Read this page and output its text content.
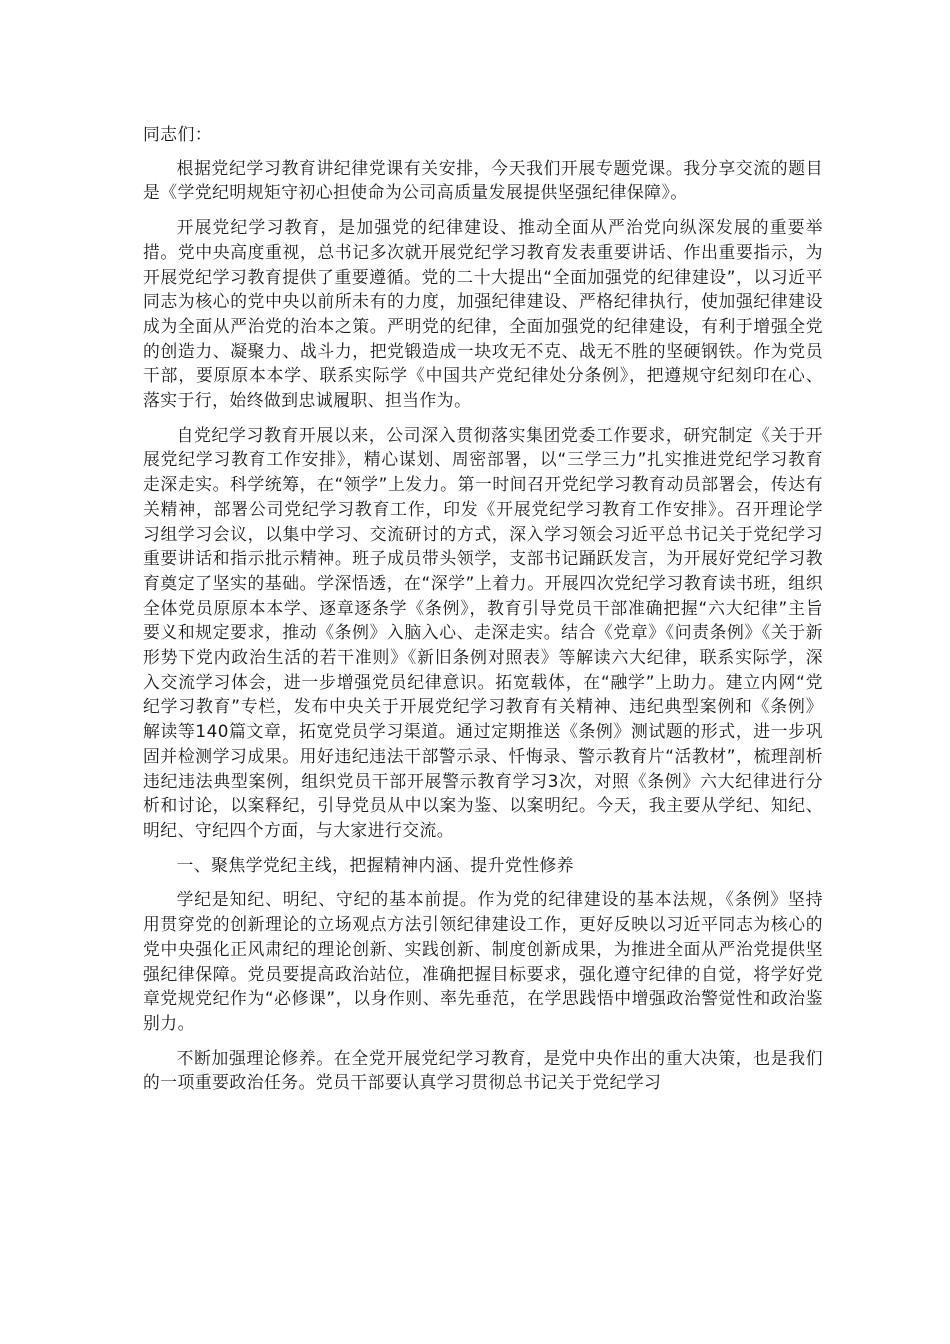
同志们：

根据党纪学习教育讲纪律党课有关安排，今天我们开展专题党课。我分享交流的题目是《学党纪明规矩守初心担使命为公司高质量发展提供坚强纪律保障》。

开展党纪学习教育，是加强党的纪律建设、推动全面从严治党向纵深发展的重要举措。党中央高度重视，总书记多次就开展党纪学习教育发表重要讲话、作出重要指示，为开展党纪学习教育提供了重要遵循。党的二十大提出“全面加强党的纪律建设”，以习近平同志为核心的党中央以前所未有的力度，加强纪律建设、严格纪律执行，使加强纪律建设成为全面从严治党的治本之策。严明党的纪律，全面加强党的纪律建设，有利于增强全党的创造力、凝聚力、战斗力，把党锻造成一块攻无不克、战无不胜的坚硬钢铁。作为党员干部，要原原本本学、联系实际学《中国共产党纪律处分条例》，把遵规守纪刻印在心、落实于行，始终做到忠诚履职、担当作为。

自党纪学习教育开展以来，公司深入贯彻落实集团党委工作要求，研究制定《关于开展党纪学习教育工作安排》，精心谋划、周密部署，以“三学三力”扎实推进党纪学习教育走深走实。科学统筹，在“领学”上发力。第一时间召开党纪学习教育动员部署会，传达有关精神，部署公司党纪学习教育工作，印发《开展党纪学习教育工作安排》。召开理论学习组学习会议，以集中学习、交流研讨的方式，深入学习领会习近平总书记关于党纪学习重要讲话和指示批示精神。班子成员带头领学，支部书记踊跃发言，为开展好党纪学习教育奠定了坚实的基础。学深悟透，在“深学”上着力。开展四次党纪学习教育读书班，组织全体党员原原本本学、逐章逐条学《条例》，教育引导党员干部准确把握“六大纪律”主旨要义和规定要求，推动《条例》入脑入心、走深走实。结合《党章》《问责条例》《关于新形势下党内政治生活的若干准则》《新旧条例对照表》等解读六大纪律，联系实际学，深入交流学习体会，进一步增强党员纪律意识。拓宽载体，在“融学”上助力。建立内网“党纪学习教育”专栏，发布中央关于开展党纪学习教育有关精神、违纪典型案例和《条例》解读等140篇文章，拓宽党员学习渠道。通过定期推送《条例》测试题的形式，进一步巩固并检测学习成果。用好违纪违法干部警示录、忏悔录、警示教育片“活教材”，梳理剖析违纪违法典型案例，组织党员干部开展警示教育学习3次，对照《条例》六大纪律进行分析和讨论，以案释纪，引导党员从中以案为鉴、以案明纪。今天，我主要从学纪、知纪、明纪、守纪四个方面，与大家进行交流。

一、聚焦学党纪主线，把握精神内涵、提升党性修养

学纪是知纪、明纪、守纪的基本前提。作为党的纪律建设的基本法规，《条例》坚持用贯穿党的创新理论的立场观点方法引领纪律建设工作，更好反映以习近平同志为核心的党中央强化正风肃纪的理论创新、实践创新、制度创新成果，为推进全面从严治党提供坚强纪律保障。党员要提高政治站位，准确把握目标要求，强化遵守纪律的自觉，将学好党章党规党纪作为“必修课”，以身作则、率先垂范，在学思践悟中增强政治警觉性和政治鉴别力。

不断加强理论修养。在全党开展党纪学习教育，是党中央作出的重大决策，也是我们的一项重要政治任务。党员干部要认真学习贯彻总书记关于党纪学习
